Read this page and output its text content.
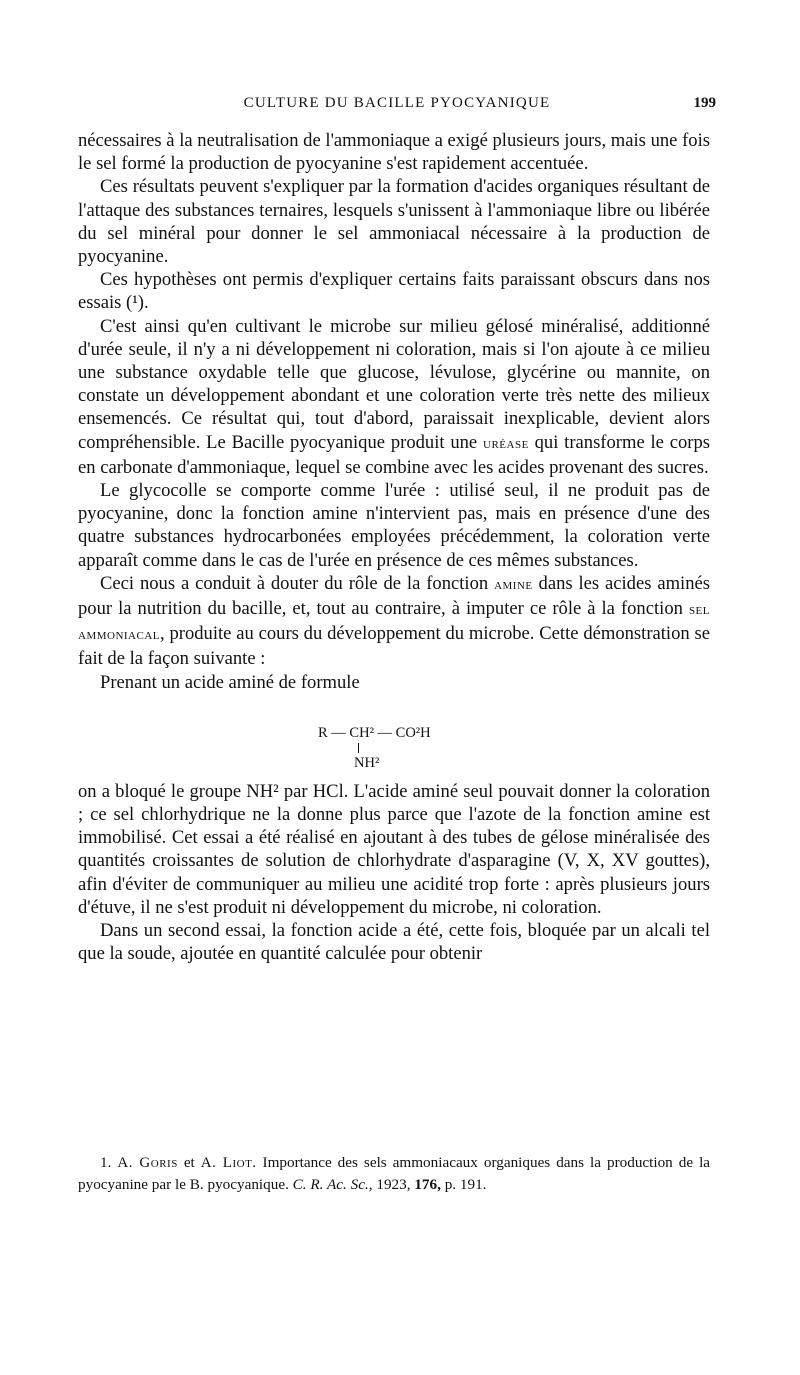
CULTURE DU BACILLE PYOCYANIQUE	199

nécessaires à la neutralisation de l'ammoniaque a exigé plusieurs jours, mais une fois le sel formé la production de pyocyanine s'est rapidement accentuée.

Ces résultats peuvent s'expliquer par la formation d'acides organiques résultant de l'attaque des substances ternaires, lesquels s'unissent à l'ammoniaque libre ou libérée du sel minéral pour donner le sel ammoniacal nécessaire à la production de pyocyanine.

Ces hypothèses ont permis d'expliquer certains faits paraissant obscurs dans nos essais (¹).

C'est ainsi qu'en cultivant le microbe sur milieu gélosé minéralisé, additionné d'urée seule, il n'y a ni développement ni coloration, mais si l'on ajoute à ce milieu une substance oxydable telle que glucose, lévulose, glycérine ou mannite, on constate un développement abondant et une coloration verte très nette des milieux ensemencés. Ce résultat qui, tout d'abord, paraissait inexplicable, devient alors compréhensible. Le Bacille pyocyanique produit une uréase qui transforme le corps en carbonate d'ammoniaque, lequel se combine avec les acides provenant des sucres.

Le glycocolle se comporte comme l'urée : utilisé seul, il ne produit pas de pyocyanine, donc la fonction amine n'intervient pas, mais en présence d'une des quatre substances hydrocarbonées employées précédemment, la coloration verte apparaît comme dans le cas de l'urée en présence de ces mêmes substances.

Ceci nous a conduit à douter du rôle de la fonction amine dans les acides aminés pour la nutrition du bacille, et, tout au contraire, à imputer ce rôle à la fonction sel ammoniacal, produite au cours du développement du microbe. Cette démonstration se fait de la façon suivante :

Prenant un acide aminé de formule

R — CH² — CO²H
NH²

on a bloqué le groupe NH² par HCl. L'acide aminé seul pouvait donner la coloration ; ce sel chlorhydrique ne la donne plus parce que l'azote de la fonction amine est immobilisé. Cet essai a été réalisé en ajoutant à des tubes de gélose minéralisée des quantités croissantes de solution de chlorhydrate d'asparagine (V, X, XV gouttes), afin d'éviter de communiquer au milieu une acidité trop forte : après plusieurs jours d'étuve, il ne s'est produit ni développement du microbe, ni coloration.

Dans un second essai, la fonction acide a été, cette fois, bloquée par un alcali tel que la soude, ajoutée en quantité calculée pour obtenir

1. A. Goris et A. Liot. Importance des sels ammoniacaux organiques dans la production de la pyocyanine par le B. pyocyanique. C. R. Ac. Sc., 1923, 176, p. 191.
